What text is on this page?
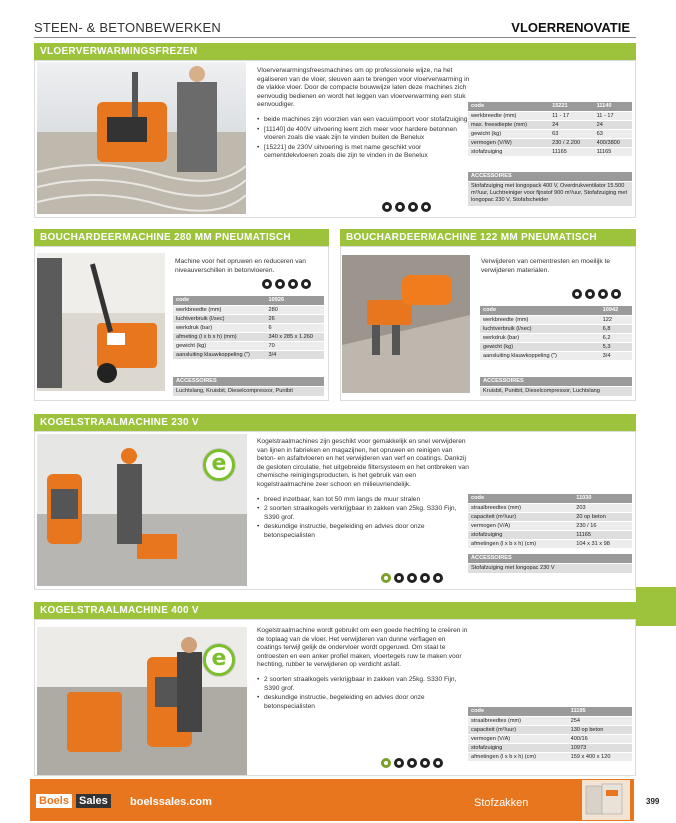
STEEN- & BETONBEWERKEN	VLOERRENOVATIE
VLOERVERWARMINGSFREZEN

Vloerverwarmingsfreesmachines om op professionele wijze, na het egaliseren van de vloer, sleuven aan te brengen voor vloerverwarming in de vlakke vloer. Door de compacte bouwwijze laten deze machines zich eenvoudig bedienen en wordt het leggen van vloerverwarming een stuk eenvoudiger.

• beide machines zijn voorzien van een vacuümpoort voor stofafzuiging
• [11140] de 400V uitvoering leent zich meer voor hardere betonnen vloeren zoals die vaak zijn te vinden buiten de Benelux
• [15221] de 230V uitvoering is met name geschikt voor cementdekvloeren zoals die zijn te vinden in de Benelux
code	15221	11140
werkbreedte (mm)	11 - 17	11 - 17
max. freesdiepte (mm)	24	24
gewicht (kg)	63	63
vermogen (V/W)	230 / 2.200	400/3800
stofafzuiging	11165	11165
ACCESSOIRES
Stofafzuiging met longopack 400 V, Overdrukventilator 15.500 m³/uur, Luchtreiniger voor fijnstof 900 m³/uur, Stofafzuiging met longopac 230 V, Stofafscheider
BOUCHARDEERMACHINE 280 MM PNEUMATISCH

Machine voor het opruwen en reduceren van niveauverschillen in betonvloeren.

code	10926
werkbreedte (mm)	280
luchtverbruik (l/sec)	26
werkdruk (bar)	6
afmeting (l x b x h) (mm)	340 x 285 x 1.260
gewicht (kg)	70
aansluiting klauwkoppeling (")	3/4
ACCESSOIRES
Luchtslang, Kruisbit, Dieselcompressor, Puntbit
BOUCHARDEERMACHINE 122 MM PNEUMATISCH

Verwijderen van cementresten en moeilijk te verwijderen materialen.

code	10942
werkbreedte (mm)	122
luchtverbruik (l/sec)	6,8
werkdruk (bar)	6,2
gewicht (kg)	5,3
aansluiting klauwkoppeling (")	3/4
ACCESSOIRES
Kruisbit, Puntbit, Dieselcompressor, Luchtslang
KOGELSTRAALMACHINE 230 V
e

Kogelstraalmachines zijn geschikt voor gemakkelijk en snel verwijderen van lijnen in fabrieken en magazijnen, het opruwen en reinigen van beton- en asfaltvloeren en het verwijderen van verf en coatings. Dankzij de gesloten circulatie, het uitgebreide filtersysteem en het ontbreken van chemische reinigingsproducten, is het gebruik van een kogelstraalmachine zeer schoon en milieuvriendelijk.

• breed inzetbaar, kan tot 50 mm langs de muur stralen
• 2 soorten straalkogels verkrijgbaar in zakken van 25kg. S330 Fijn, S390 grof.
• deskundige instructie, begeleiding en advies door onze betonspecialisten
code	11030
straalbreedtes (mm)	203
capaciteit (m²/uur)	20 op beton
vermogen (V/A)	230 / 16
stofafzuiging	11165
afmetingen (l x b x h) (cm)	104 x 31 x 98
ACCESSOIRES
Stofafzuiging met longopac 230 V
KOGELSTRAALMACHINE 400 V
e

Kogelstraalmachine wordt gebruikt om een goede hechting te creëren in de toplaag van de vloer. Het verwijderen van dunne verflagen en coatings terwijl gelijk de ondervloer wordt opgeruwd. Om staal te ontroesten en een anker profiel maken, vloertegels ruw te maken voor hechting, rubber te verwijderen op verdicht asfalt.

• 2 soorten straalkogels verkrijgbaar in zakken van 25kg. S330 Fijn, S390 grof.
• deskundige instructie, begeleiding en advies door onze betonspecialisten
code	11195
straalbreedtes (mm)	254
capaciteit (m²/uur)	130 op beton
vermogen (V/A)	400/16
stofafzuiging	10973
afmetingen (l x b x h) (cm)	159 x 400 x 120
Boels Sales boelssales.com	Stofzakken	399
